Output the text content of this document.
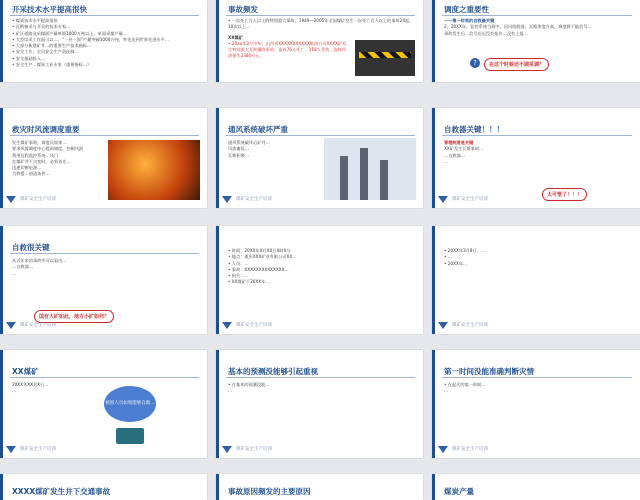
开采技术水平提高很快
• 煤炭技术水平提高很快
• 瓦斯抽采与开采的技术专家…
• 矿区道路及采煤面产量单面1000万吨以上，单面采煤产量…
• 大型综采工作面可以…。“一井一面”产量突破1000万吨，率先达到世界先进水平…
• 大部分新建矿井…的重要生产技术指标…
• 安全工作，全员安全生产责任制…
• 安全基础投入…
• 安全生产…煤炭工业专家（重要指标…）
事故频发
• 一次死亡百人以上的特别重大事故，1949—2005年全国煤矿发生一次死亡百人以上的事故24起，10次以上…
XX煤矿
• 20xx年3月中旬，山西省XXXXXXXXXXX集团公司XXXX矿发生特别重大瓦斯爆炸事故，造成76人死亡，118人受伤，直接经济损失2380万元。
调度之重要性
——第一时间的自救最关键
2、20XX年，监控系统当班中，因风筒脱落，瓦斯浓度升高，调度将不能信号…
事故发生后…信号迟迟没有报告…没有上报…
?	在这个时候还不调采调？
救灾时风流调度重要
发生煤矿事故，调度员如果…
要求风流调度中心提前调度，控制风流
利用远程监控系统…风门
在煤矿井下灾变时，必须首先…
迅速切断电源…
为救援…创造条件…
煤矿安全生产培训
通风系统破坏严重
通风系统破坏后矿井…
风流紊乱…
瓦斯积聚…
煤矿安全生产培训
自救器关键！！！
管理制度是关键
XX矿发生瓦斯事故…
…自救器…
…
太可惜了！！！
煤矿安全生产培训
自救很关键
从近年来的事故中可以看出…
…自救器…
…
国有大矿如此，地方小矿如何？
煤矿安全生产培训
• 时间：20XX年X月XX日X时X分
• 地点：重庆XXX矿业有限公司XX…
• 人员：…
• 事故：XXXXXXXXXXXXXX…
• 损失：…
• XX煤矿于20XX年…
煤矿安全生产培训
• 20XX年3月8日，…
• …
• 20XX年…
煤矿安全生产培训
XX煤矿
20XX年XX月X日…
…
被困人员如果能够自救…
煤矿安全生产培训
基本的预测没能够引起重视
• 在基本的预测没能…
…
煤矿安全生产培训
第一时间没能准确判断灾情
• 在起火的第一时间…
…
煤矿安全生产培训
XXXX煤矿发生井下交通事故	事故原因频发的主要原因	煤炭产量
